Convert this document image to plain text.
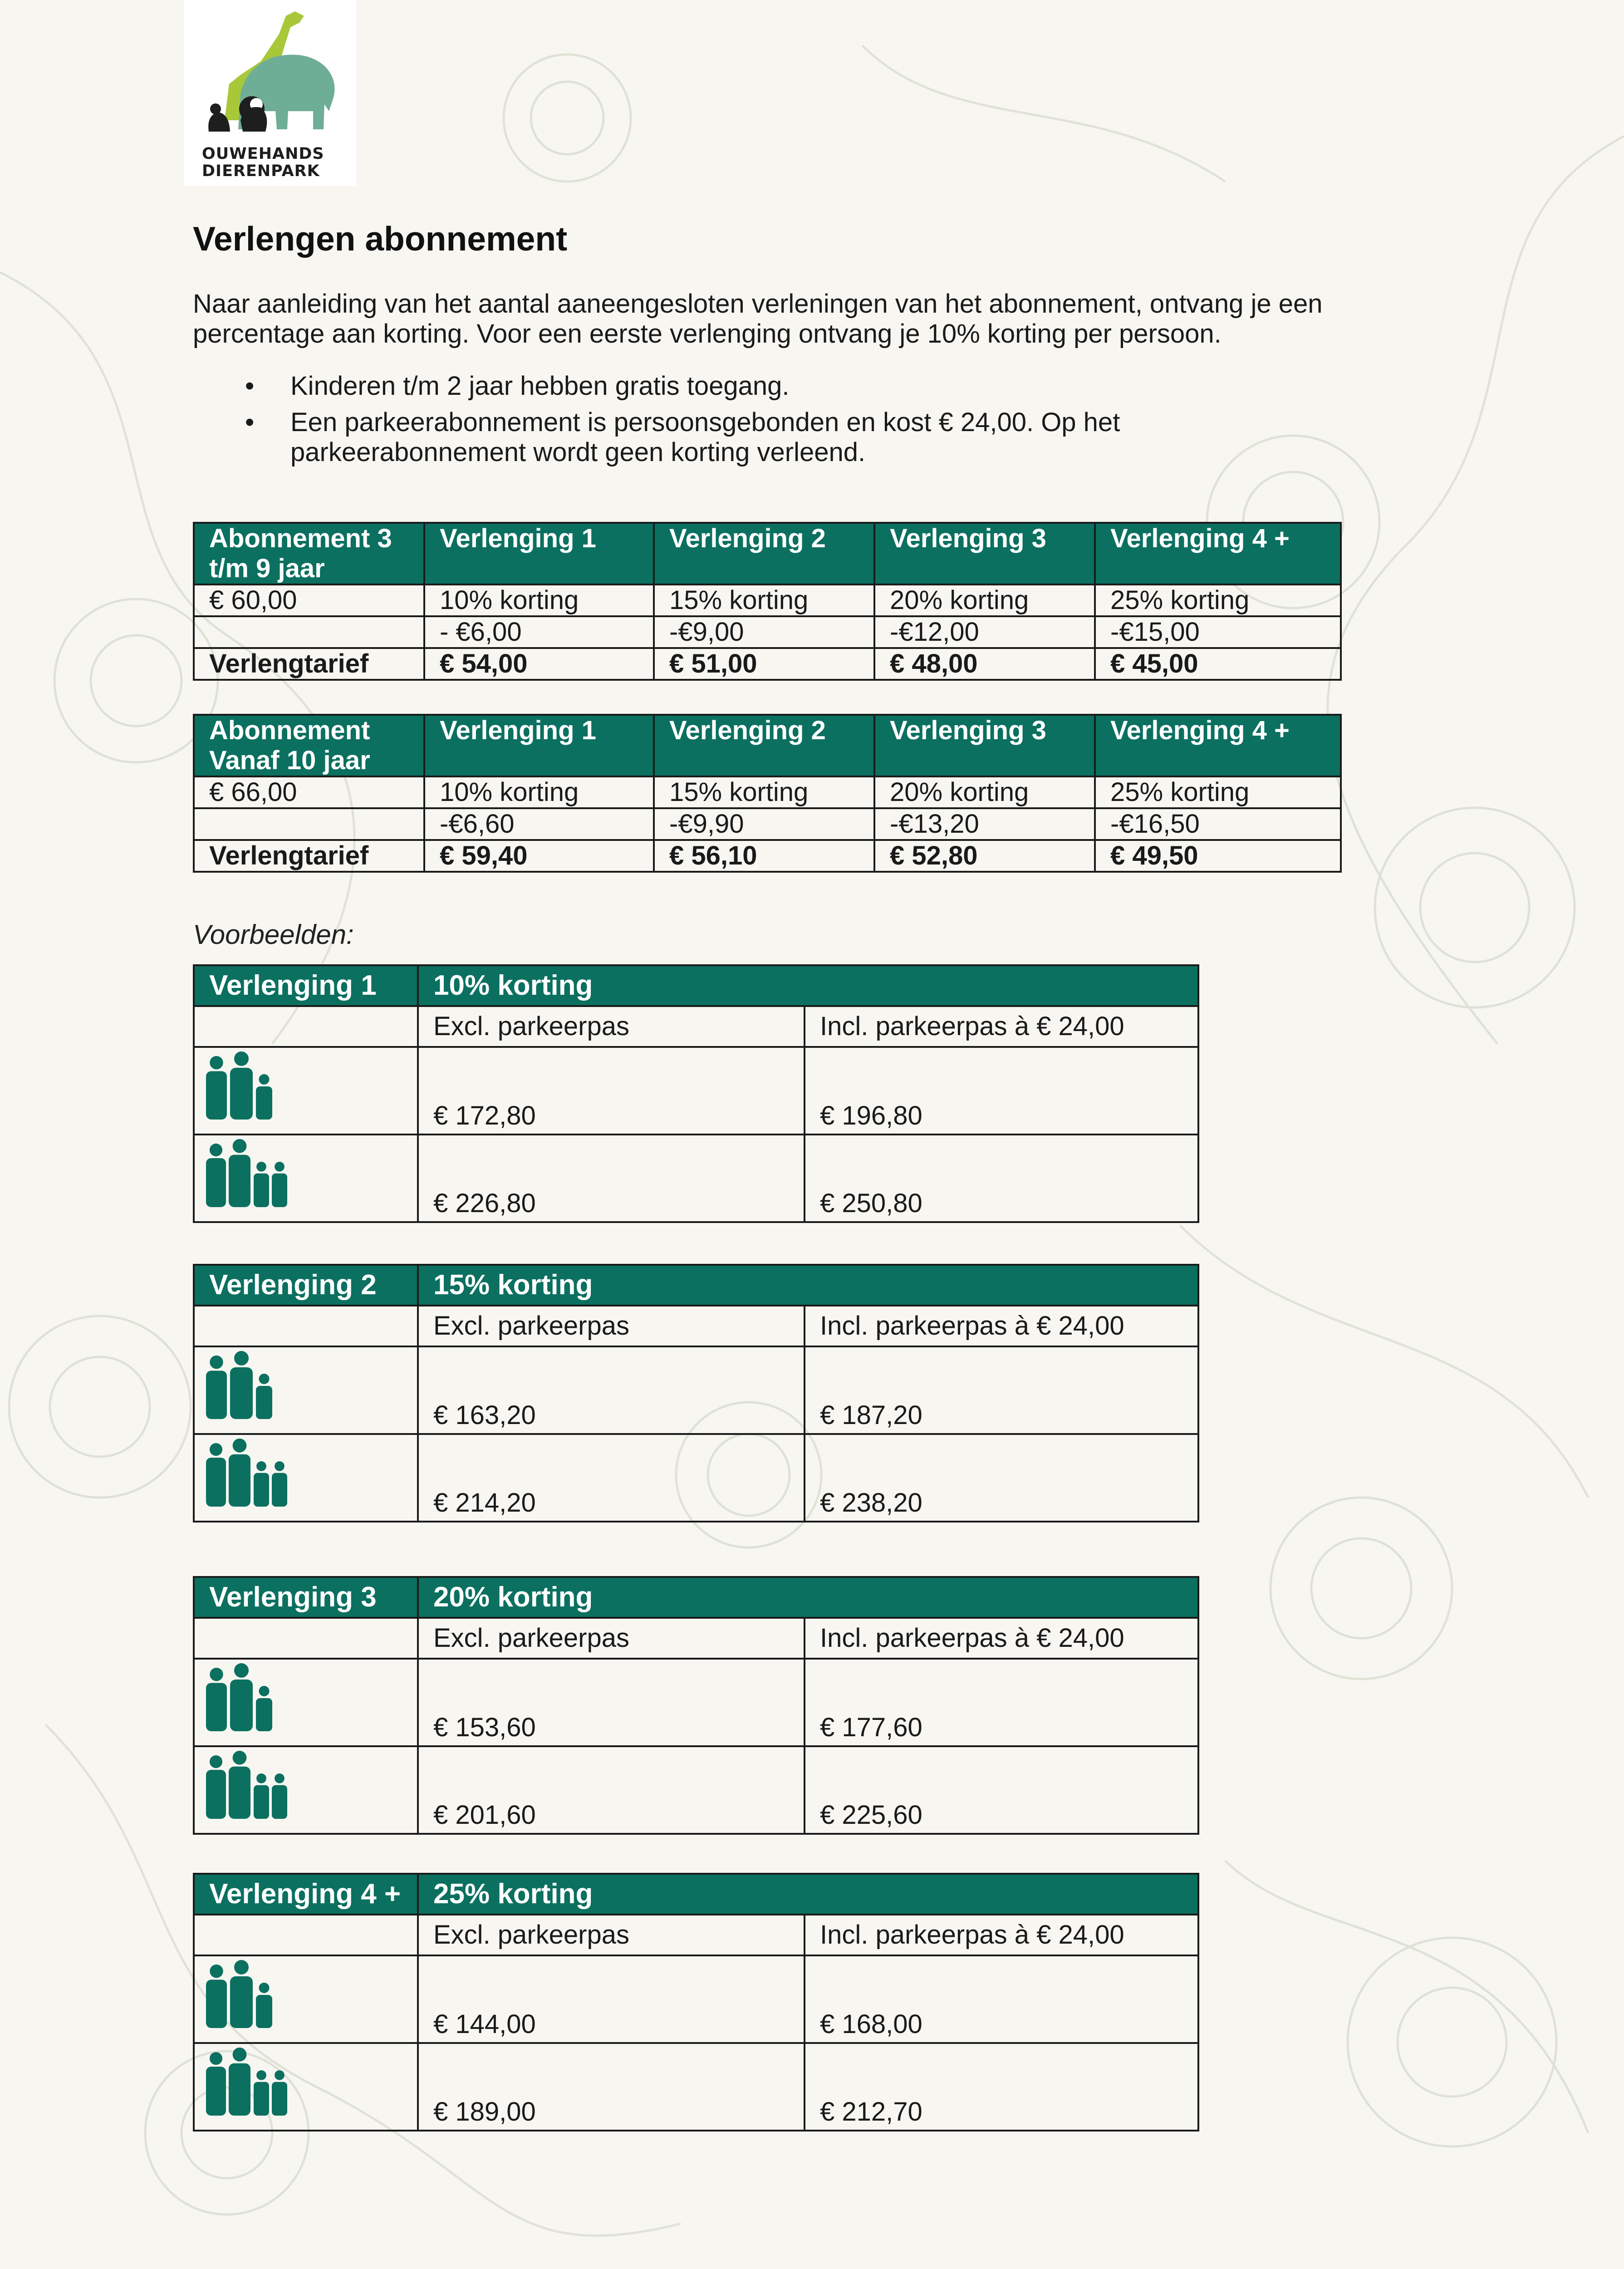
OUWEHANDS
DIERENPARK
Verlengen abonnement

Naar aanleiding van het aantal aaneengesloten verleningen van het abonnement, ontvang je een percentage aan korting. Voor een eerste verlenging ontvang je 10% korting per persoon.

• Kinderen t/m 2 jaar hebben gratis toegang.
• Een parkeerabonnement is persoonsgebonden en kost € 24,00. Op het parkeerabonnement wordt geen korting verleend.
Abonnement 3 t/m 9 jaar	Verlenging 1	Verlenging 2	Verlenging 3	Verlenging 4 +
€ 60,00	10% korting	15% korting	20% korting	25% korting
	- €6,00	-€9,00	-€12,00	-€15,00
Verlengtarief	€ 54,00	€ 51,00	€ 48,00	€ 45,00
Abonnement Vanaf 10 jaar	Verlenging 1	Verlenging 2	Verlenging 3	Verlenging 4 +
€ 66,00	10% korting	15% korting	20% korting	25% korting
	-€6,60	-€9,90	-€13,20	-€16,50
Verlengtarief	€ 59,40	€ 56,10	€ 52,80	€ 49,50
Voorbeelden:
Verlenging 1	10% korting	
	Excl. parkeerpas	Incl. parkeerpas à € 24,00
	€ 172,80	€ 196,80
	€ 226,80	€ 250,80
Verlenging 2	15% korting	
	Excl. parkeerpas	Incl. parkeerpas à € 24,00
	€ 163,20	€ 187,20
	€ 214,20	€ 238,20
Verlenging 3	20% korting	
	Excl. parkeerpas	Incl. parkeerpas à € 24,00
	€ 153,60	€ 177,60
	€ 201,60	€ 225,60
Verlenging 4 +	25% korting	
	Excl. parkeerpas	Incl. parkeerpas à € 24,00
	€ 144,00	€ 168,00
	€ 189,00	€ 212,70
